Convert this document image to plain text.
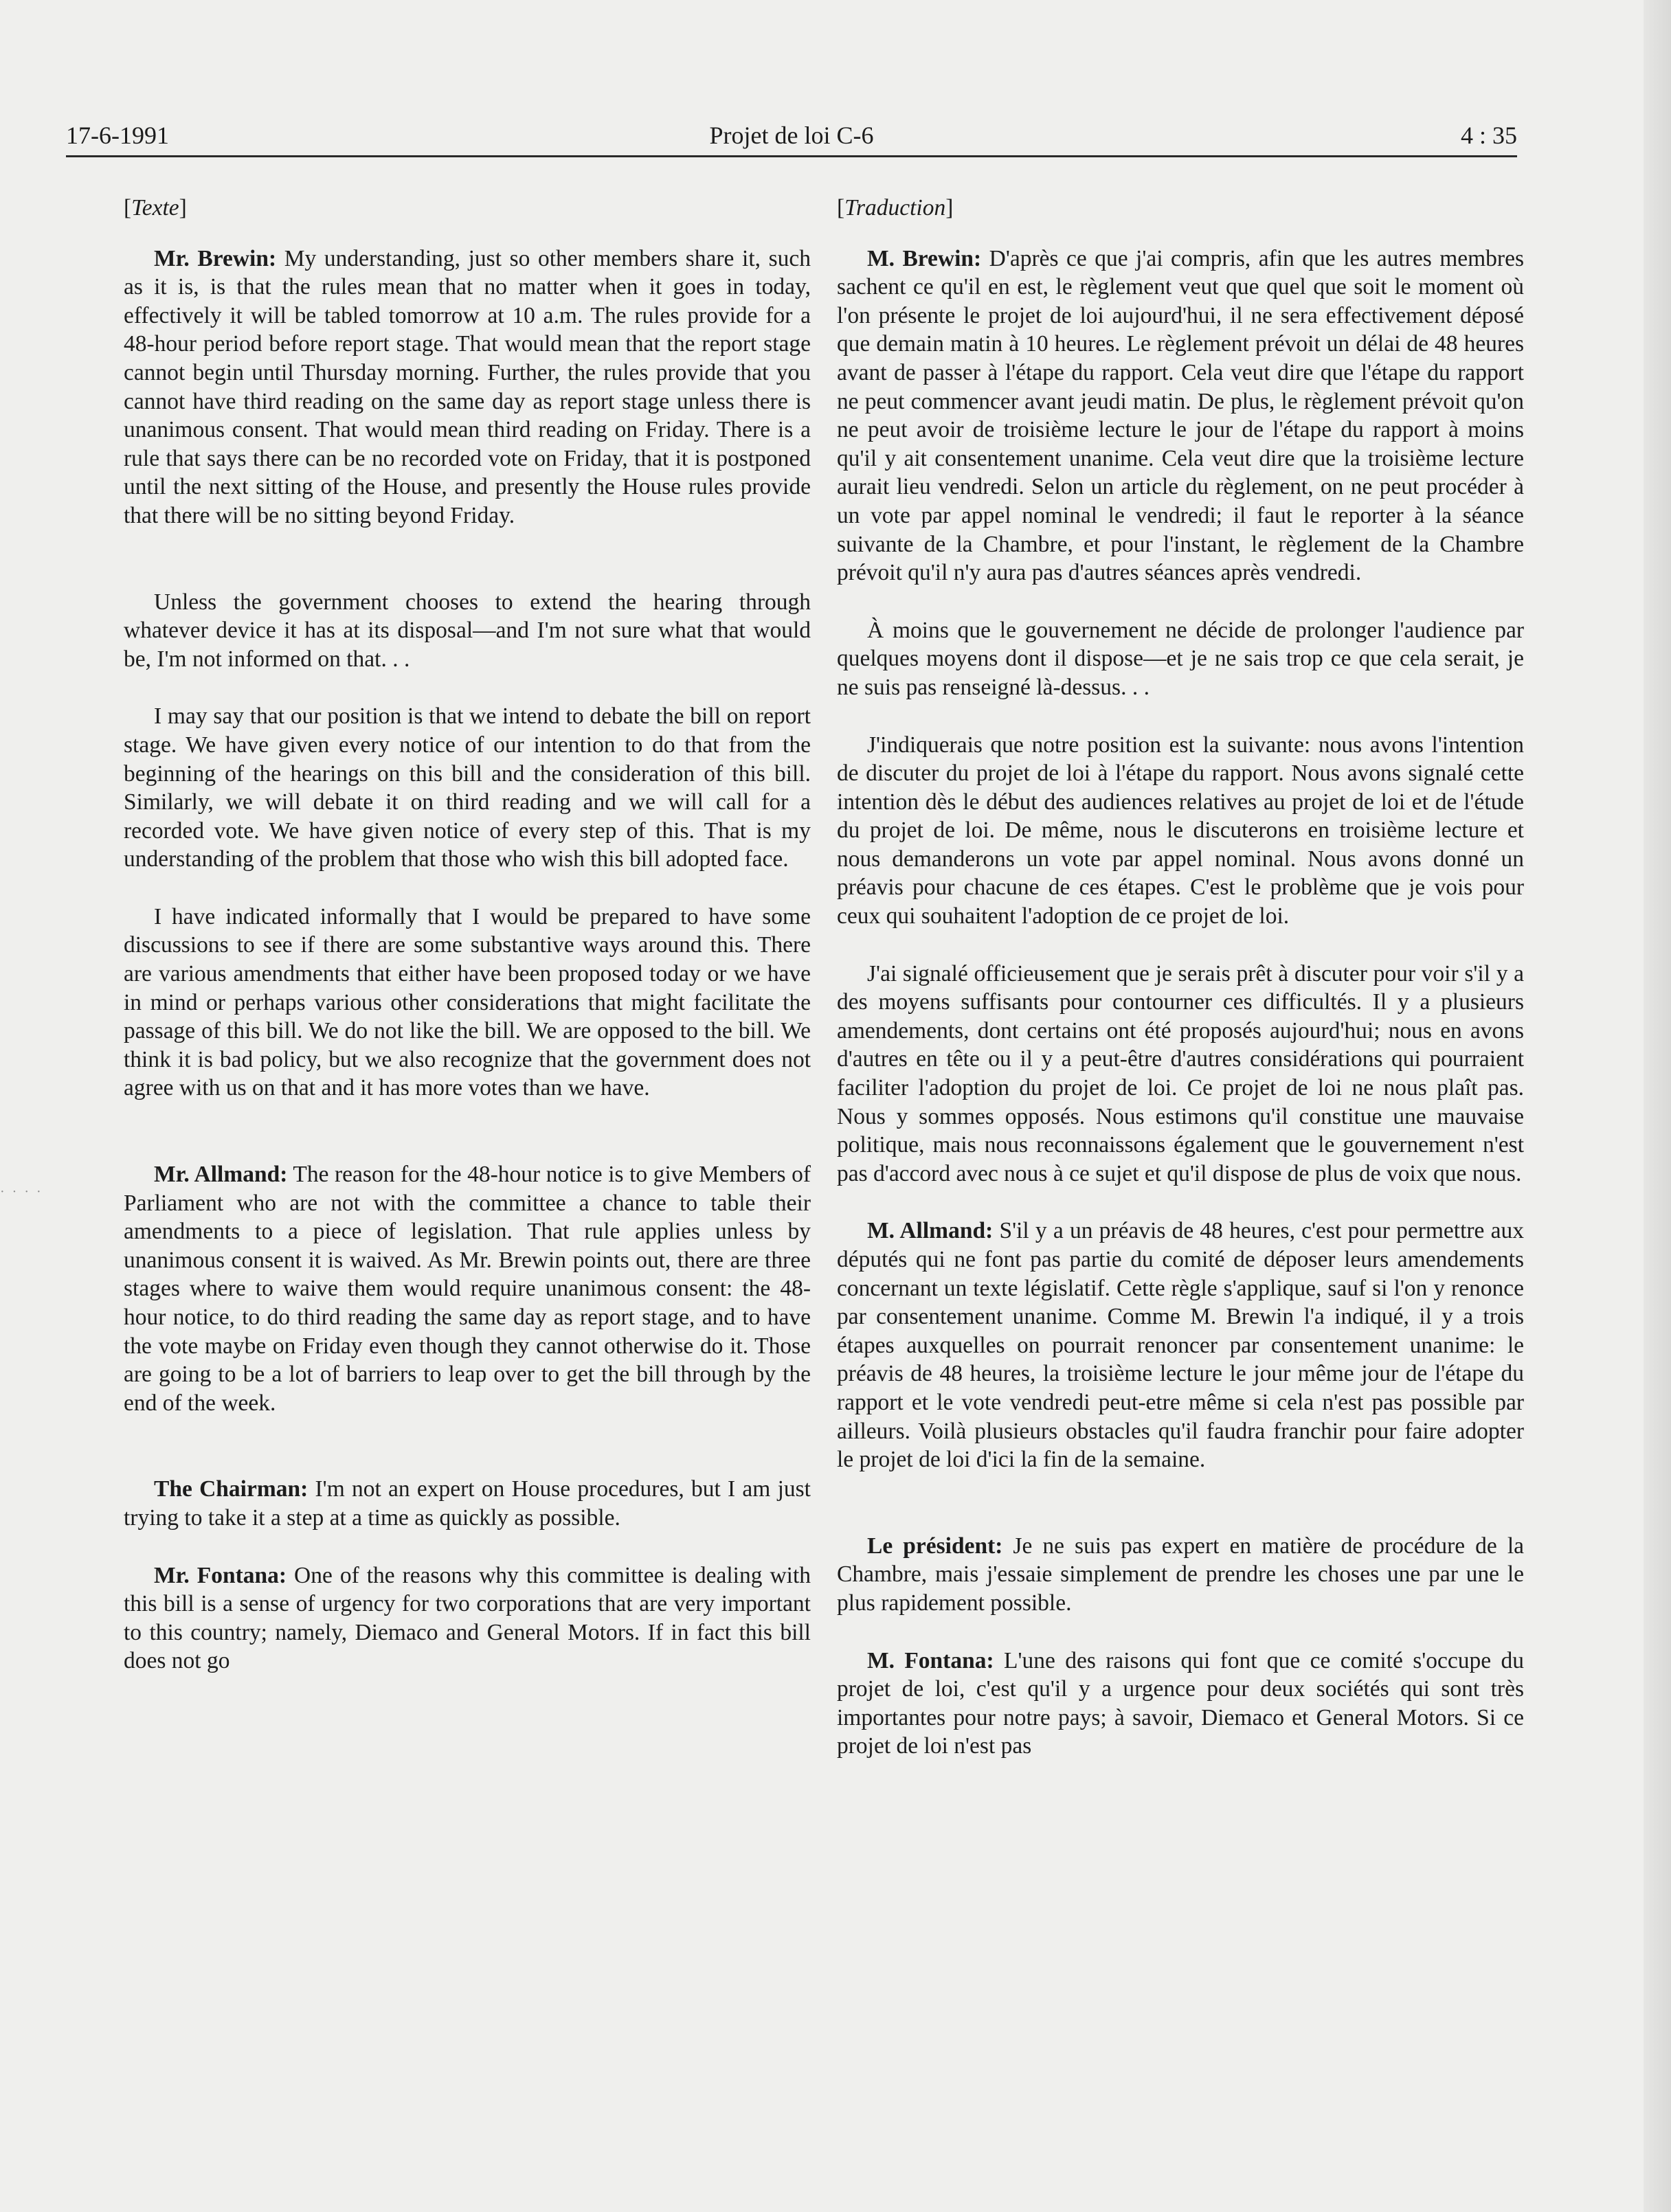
17-6-1991	Projet de loi C-6	4 : 35
· · · ·
[Texte]

Mr. Brewin: My understanding, just so other members share it, such as it is, is that the rules mean that no matter when it goes in today, effectively it will be tabled tomorrow at 10 a.m. The rules provide for a 48-hour period before report stage. That would mean that the report stage cannot begin until Thursday morning. Further, the rules provide that you cannot have third reading on the same day as report stage unless there is unanimous consent. That would mean third reading on Friday. There is a rule that says there can be no recorded vote on Friday, that it is postponed until the next sitting of the House, and presently the House rules provide that there will be no sitting beyond Friday.

Unless the government chooses to extend the hearing through whatever device it has at its disposal—and I'm not sure what that would be, I'm not informed on that. . .

I may say that our position is that we intend to debate the bill on report stage. We have given every notice of our intention to do that from the beginning of the hearings on this bill and the consideration of this bill. Similarly, we will debate it on third reading and we will call for a recorded vote. We have given notice of every step of this. That is my understanding of the problem that those who wish this bill adopted face.

I have indicated informally that I would be prepared to have some discussions to see if there are some substantive ways around this. There are various amendments that either have been proposed today or we have in mind or perhaps various other considerations that might facilitate the passage of this bill. We do not like the bill. We are opposed to the bill. We think it is bad policy, but we also recognize that the government does not agree with us on that and it has more votes than we have.

Mr. Allmand: The reason for the 48-hour notice is to give Members of Parliament who are not with the committee a chance to table their amendments to a piece of legislation. That rule applies unless by unanimous consent it is waived. As Mr. Brewin points out, there are three stages where to waive them would require unanimous consent: the 48-hour notice, to do third reading the same day as report stage, and to have the vote maybe on Friday even though they cannot otherwise do it. Those are going to be a lot of barriers to leap over to get the bill through by the end of the week.

The Chairman: I'm not an expert on House procedures, but I am just trying to take it a step at a time as quickly as possible.

Mr. Fontana: One of the reasons why this committee is dealing with this bill is a sense of urgency for two corporations that are very important to this country; namely, Diemaco and General Motors. If in fact this bill does not go

[Traduction]

M. Brewin: D'après ce que j'ai compris, afin que les autres membres sachent ce qu'il en est, le règlement veut que quel que soit le moment où l'on présente le projet de loi aujourd'hui, il ne sera effectivement déposé que demain matin à 10 heures. Le règlement prévoit un délai de 48 heures avant de passer à l'étape du rapport. Cela veut dire que l'étape du rapport ne peut commencer avant jeudi matin. De plus, le règlement prévoit qu'on ne peut avoir de troisième lecture le jour de l'étape du rapport à moins qu'il y ait consentement unanime. Cela veut dire que la troisième lecture aurait lieu vendredi. Selon un article du règlement, on ne peut procéder à un vote par appel nominal le vendredi; il faut le reporter à la séance suivante de la Chambre, et pour l'instant, le règlement de la Chambre prévoit qu'il n'y aura pas d'autres séances après vendredi.

À moins que le gouvernement ne décide de prolonger l'audience par quelques moyens dont il dispose—et je ne sais trop ce que cela serait, je ne suis pas renseigné là-dessus. . .

J'indiquerais que notre position est la suivante: nous avons l'intention de discuter du projet de loi à l'étape du rapport. Nous avons signalé cette intention dès le début des audiences relatives au projet de loi et de l'étude du projet de loi. De même, nous le discuterons en troisième lecture et nous demanderons un vote par appel nominal. Nous avons donné un préavis pour chacune de ces étapes. C'est le problème que je vois pour ceux qui souhaitent l'adoption de ce projet de loi.

J'ai signalé officieusement que je serais prêt à discuter pour voir s'il y a des moyens suffisants pour contourner ces difficultés. Il y a plusieurs amendements, dont certains ont été proposés aujourd'hui; nous en avons d'autres en tête ou il y a peut-être d'autres considérations qui pourraient faciliter l'adoption du projet de loi. Ce projet de loi ne nous plaît pas. Nous y sommes opposés. Nous estimons qu'il constitue une mauvaise politique, mais nous reconnaissons également que le gouvernement n'est pas d'accord avec nous à ce sujet et qu'il dispose de plus de voix que nous.

M. Allmand: S'il y a un préavis de 48 heures, c'est pour permettre aux députés qui ne font pas partie du comité de déposer leurs amendements concernant un texte législatif. Cette règle s'applique, sauf si l'on y renonce par consentement unanime. Comme M. Brewin l'a indiqué, il y a trois étapes auxquelles on pourrait renoncer par consentement unanime: le préavis de 48 heures, la troisième lecture le jour même jour de l'étape du rapport et le vote vendredi peut-etre même si cela n'est pas possible par ailleurs. Voilà plusieurs obstacles qu'il faudra franchir pour faire adopter le projet de loi d'ici la fin de la semaine.

Le président: Je ne suis pas expert en matière de procédure de la Chambre, mais j'essaie simplement de prendre les choses une par une le plus rapidement possible.

M. Fontana: L'une des raisons qui font que ce comité s'occupe du projet de loi, c'est qu'il y a urgence pour deux sociétés qui sont très importantes pour notre pays; à savoir, Diemaco et General Motors. Si ce projet de loi n'est pas
